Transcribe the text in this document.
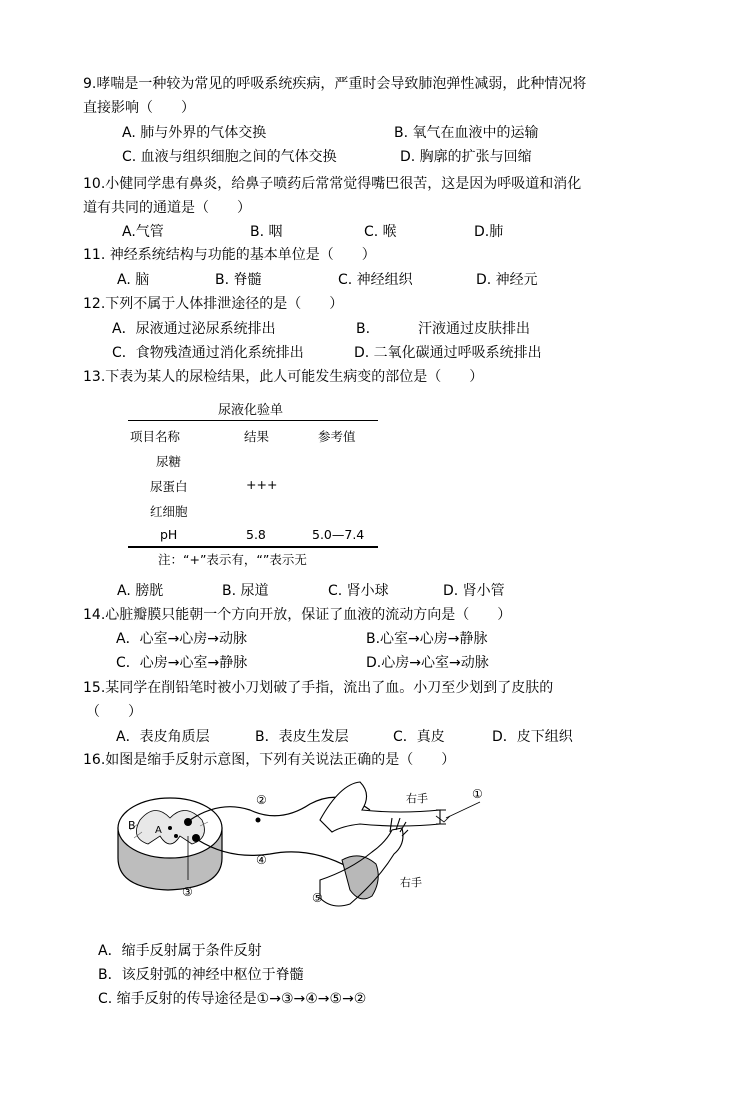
9.哮喘是一种较为常见的呼吸系统疾病，严重时会导致肺泡弹性减弱，此种情况将
直接影响（　　）
A. 肺与外界的气体交换	B. 氧气在血液中的运输
C. 血液与组织细胞之间的气体交换	D. 胸廓的扩张与回缩
10.小健同学患有鼻炎，给鼻子喷药后常常觉得嘴巴很苦，这是因为呼吸道和消化
道有共同的通道是（　　）
A.气管	B. 咽	C. 喉	D.肺
11. 神经系统结构与功能的基本单位是（　　）
A. 脑	B. 脊髓	C. 神经组织	D. 神经元
12.下列不属于人体排泄途径的是（　　）
A．尿液通过泌尿系统排出	B.	汗液通过皮肤排出
C．食物残渣通过消化系统排出	D. 二氧化碳通过呼吸系统排出
13.下表为某人的尿检结果，此人可能发生病变的部位是（　　）
尿液化验单
项目名称	结果	参考值
尿糖
尿蛋白	+++
红细胞
pH	5.8	5.0—7.4
注：“+”表示有，“”表示无
A. 膀胱	B. 尿道	C. 肾小球	D. 肾小管
14.心脏瓣膜只能朝一个方向开放，保证了血液的流动方向是（　　）
A．心室→心房→动脉	B.心室→心房→静脉
C．心房→心室→静脉	D.心房→心室→动脉
15.某同学在削铅笔时被小刀划破了手指，流出了血。小刀至少划到了皮肤的
（　　）
A．表皮角质层	B．表皮生发层	C．真皮	D．皮下组织
16.如图是缩手反射示意图，下列有关说法正确的是（　　）
B A
②
④
③	⑤
①
右手
右手
A．缩手反射属于条件反射
B．该反射弧的神经中枢位于脊髓
C. 缩手反射的传导途径是①→③→④→⑤→②
